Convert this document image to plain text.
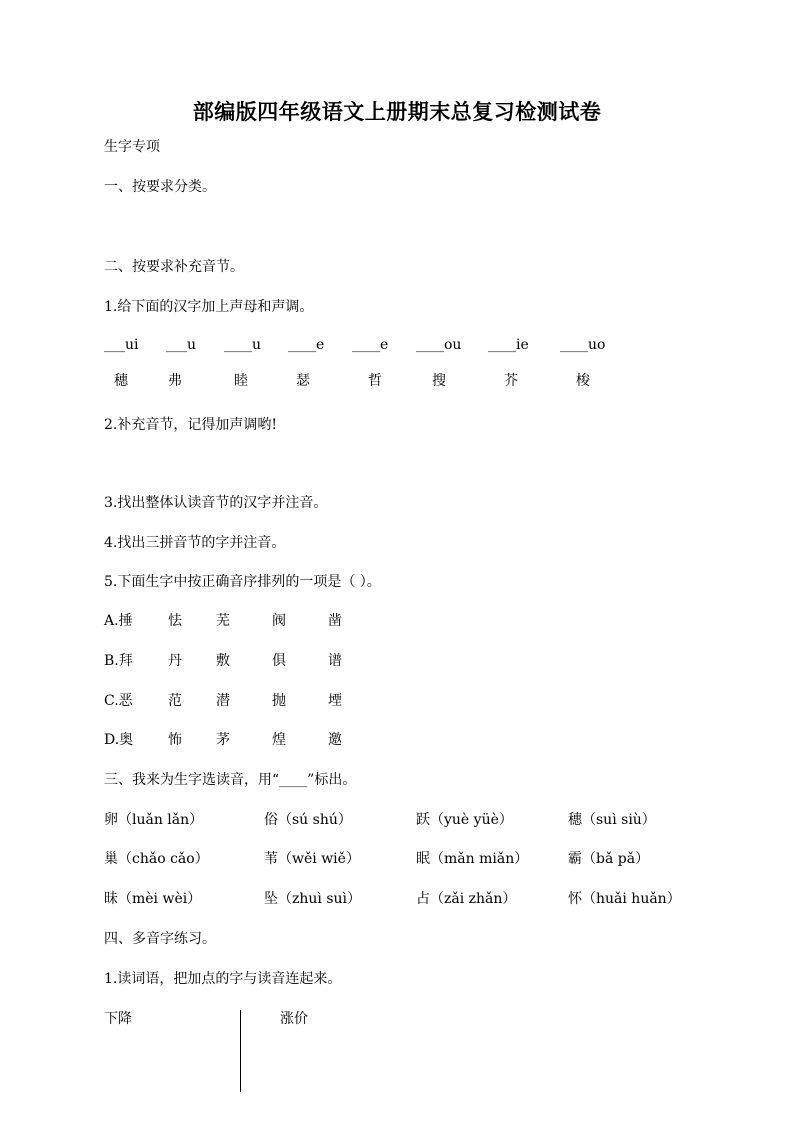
部编版四年级语文上册期末总复习检测试卷
生字专项
一、按要求分类。
二、按要求补充音节。
1.给下面的汉字加上声母和声调。
___ui ___u ____u ____e ____e ____ou ____ie ____uo
穗	弗	睦	瑟	哲	搜	芥	梭
2.补充音节，记得加声调哟!
3.找出整体认读音节的汉字并注音。
4.找出三拼音节的字并注音。
5.下面生字中按正确音序排列的一项是（ ）。
A.捶	怯 芜	阀	凿
B.拜	丹 敷	俱	谱
C.恶	范 潜	抛	堙
D.奥 怖 茅	煌	邀
三、我来为生字选读音，用“____”标出。
卵（luǎn lǎn）	俗（sú shú）	跃（yuè yüè）	穗（suì siù）
巢（chǎo cǎo）	苇（wěi wiě）	眠（mǎn miǎn）	霸（bǎ pǎ）
昧（mèi wèi）	坠（zhuì suì）	占（zǎi zhǎn）	怀（huǎi huǎn）
四、多音字练习。
1.读词语，把加点的字与读音连起来。
下降	涨价
